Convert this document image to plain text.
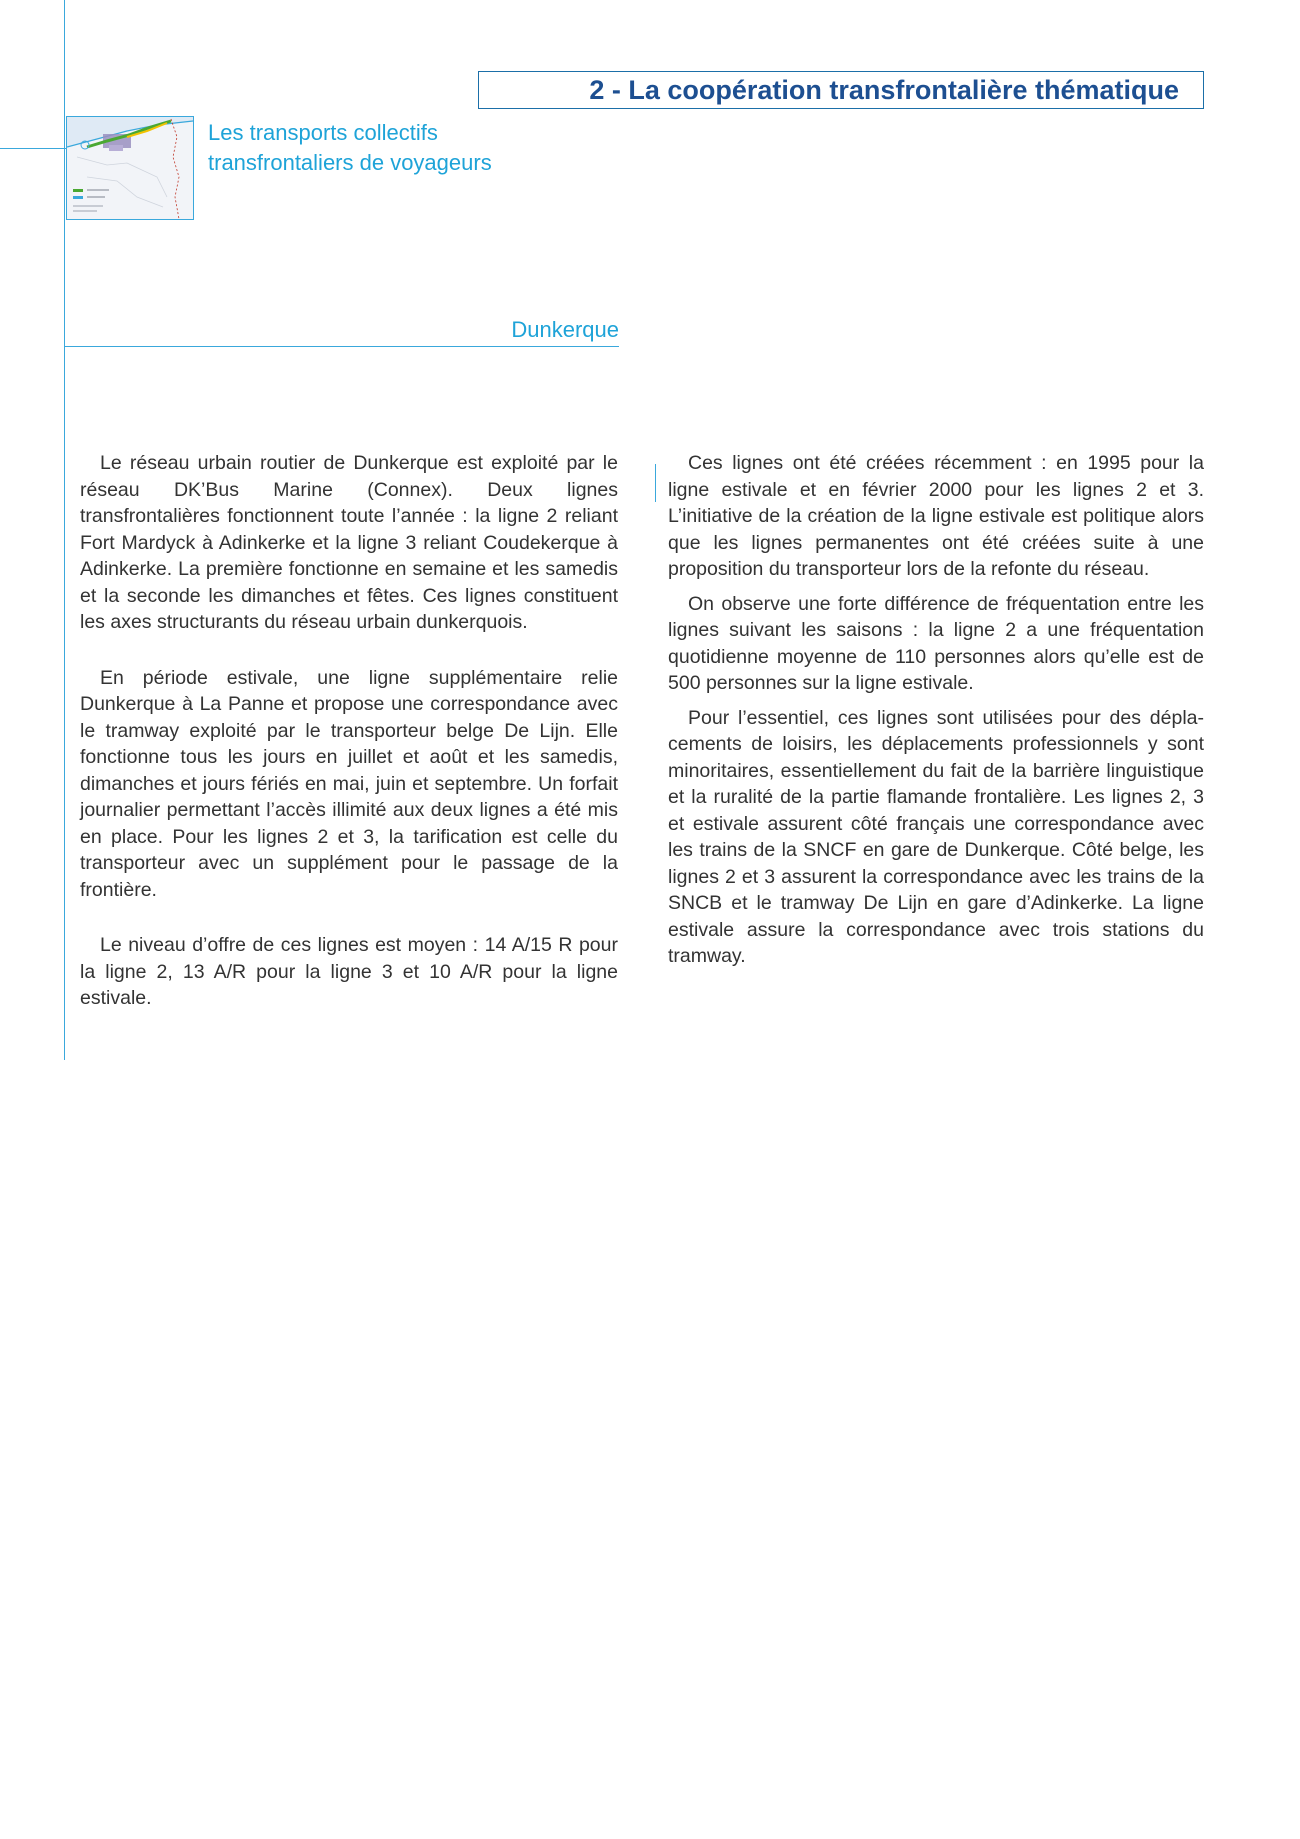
2 - La coopération transfrontalière thématique
Les transports collectifs
transfrontaliers de voyageurs
Dunkerque

Le réseau urbain routier de Dunkerque est exploité par le réseau DK’Bus Marine (Connex). Deux lignes transfrontalières fonctionnent toute l’année : la ligne 2 reliant Fort Mardyck à Adinkerke et la ligne 3 reliant Coudekerque à Adinkerke. La première fonctionne en semaine et les samedis et la seconde les dimanches et fêtes. Ces lignes constituent les axes structurants du réseau urbain dunkerquois.

En période estivale, une ligne supplémentaire relie Dunkerque à La Panne et propose une correspondance avec le tramway exploité par le transporteur belge De Lijn. Elle fonctionne tous les jours en juillet et août et les samedis, dimanches et jours fériés en mai, juin et septembre. Un forfait journalier permettant l’accès illimité aux deux lignes a été mis en place. Pour les lignes 2 et 3, la tarification est celle du transporteur avec un supplément pour le passage de la frontière.

Le niveau d’offre de ces lignes est moyen : 14 A/15 R pour la ligne 2, 13 A/R pour la ligne 3 et 10 A/R pour la ligne estivale.

Ces lignes ont été créées récemment : en 1995 pour la ligne estivale et en février 2000 pour les lignes 2 et 3. L’initiative de la création de la ligne estivale est politique alors que les lignes permanentes ont été créées suite à une proposition du transporteur lors de la refonte du réseau.

On observe une forte différence de fréquentation entre les lignes suivant les saisons : la ligne 2 a une fréquentation quotidienne moyenne de 110 personnes alors qu’elle est de 500 personnes sur la ligne estivale.

Pour l’essentiel, ces lignes sont utilisées pour des déplacements de loisirs, les déplacements professionnels y sont minoritaires, essentiellement du fait de la barrière linguistique et la ruralité de la partie flamande frontalière. Les lignes 2, 3 et estivale assurent côté français une correspondance avec les trains de la SNCF en gare de Dunkerque. Côté belge, les lignes 2 et 3 assurent la correspondance avec les trains de la SNCB et le tramway De Lijn en gare d’Adinkerke. La ligne estivale assure la correspondance avec trois stations du tramway.
